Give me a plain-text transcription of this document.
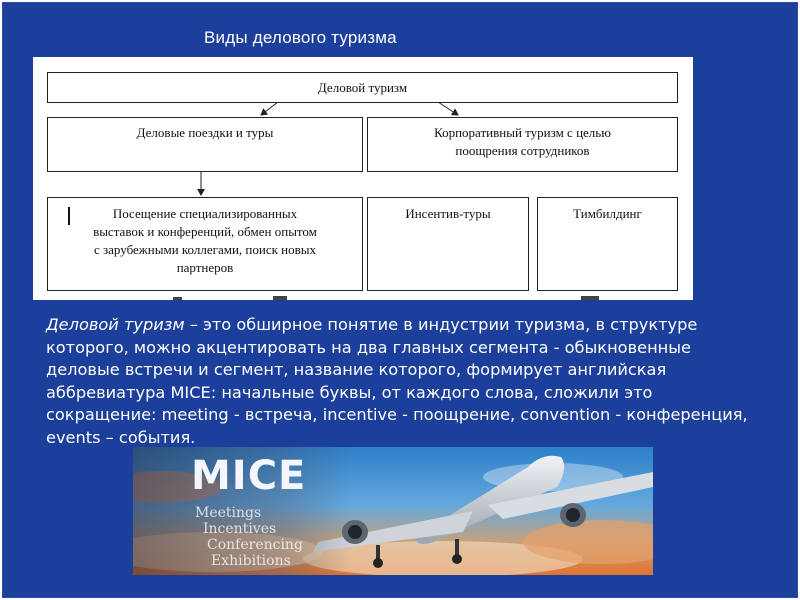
Виды делового туризма
Деловой туризм
Деловые поездки и туры	Корпоративный туризм с целью
поощрения сотрудников
Посещение специализированных
выставок и конференций, обмен опытом
с зарубежными коллегами, поиск новых
партнеров
Инсентив-туры	Тимбилдинг
Деловой туризм – это обширное понятие в индустрии туризма, в структуре которого, можно акцентировать на два главных сегмента - обыкновенные деловые встречи и сегмент, название которого, формирует английская аббревиатура MICE: начальные буквы, от каждого слова, сложили это сокращение: meeting - встреча, incentive - поощрение, convention - конференция, events – события.
MICE
Meetings
Incentives
Conferencing
Exhibitions
